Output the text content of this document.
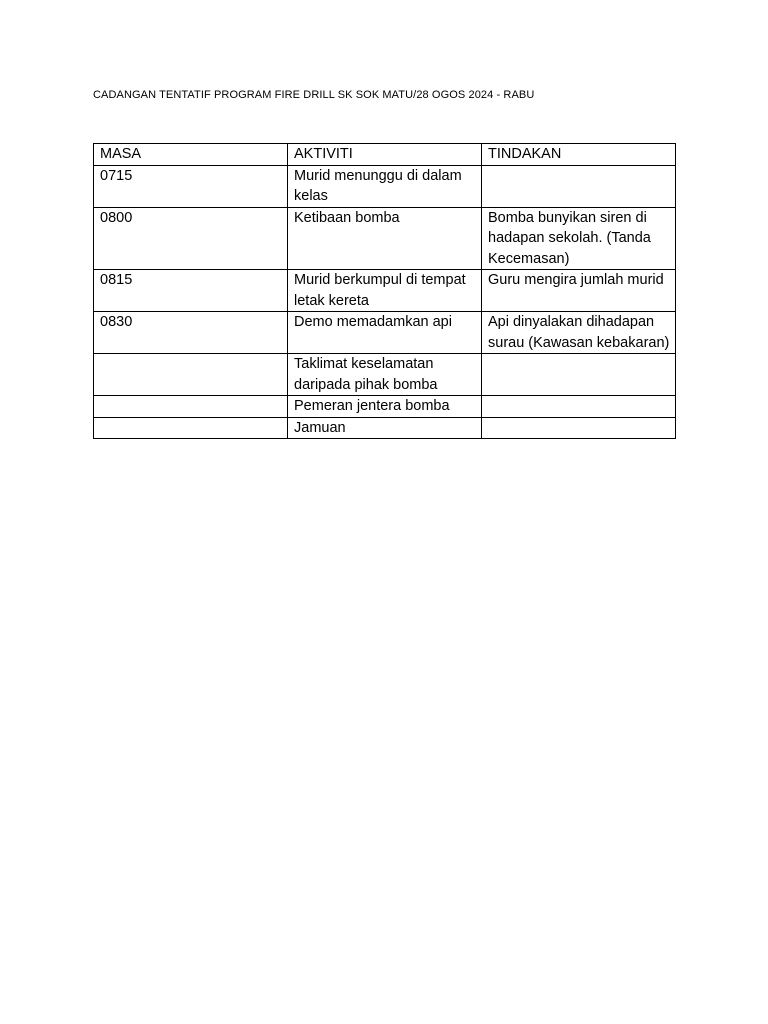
CADANGAN TENTATIF PROGRAM FIRE DRILL SK SOK MATU/28 OGOS 2024 - RABU
MASA	AKTIVITI	TINDAKAN
0715	Murid menunggu di dalam kelas	
0800	Ketibaan bomba	Bomba bunyikan siren di hadapan sekolah. (Tanda Kecemasan)
0815	Murid berkumpul di tempat letak kereta	Guru mengira jumlah murid
0830	Demo memadamkan api	Api dinyalakan dihadapan surau (Kawasan kebakaran)
	Taklimat keselamatan daripada pihak bomba	
	Pemeran jentera bomba	
	Jamuan	
